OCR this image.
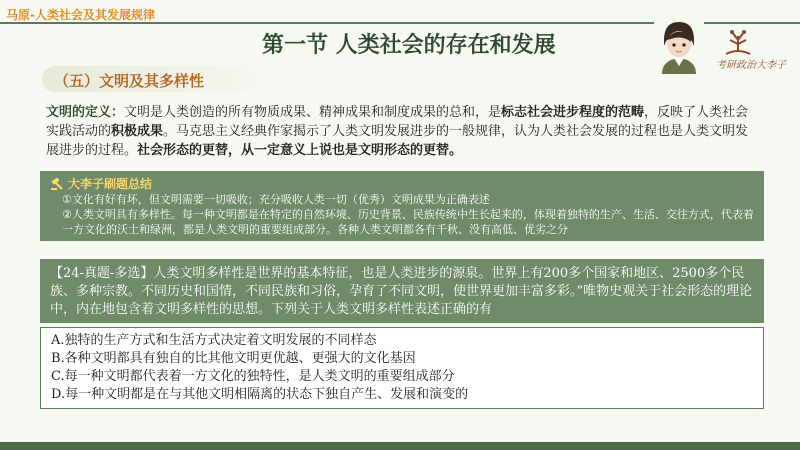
马原-人类社会及其发展规律
第一节 人类社会的存在和发展
考研政治大李子
（五）文明及其多样性
文明的定义：文明是人类创造的所有物质成果、精神成果和制度成果的总和，是标志社会进步程度的范畴，反映了人类社会实践活动的积极成果。马克思主义经典作家揭示了人类文明发展进步的一般规律，认为人类社会发展的过程也是人类文明发展进步的过程。社会形态的更替，从一定意义上说也是文明形态的更替。
大李子刷题总结
①文化有好有坏，但文明需要一切吸收；充分吸收人类一切（优秀）文明成果为正确表述
②人类文明具有多样性。每一种文明都是在特定的自然环境、历史背景、民族传统中生长起来的，体现着独特的生产、生活、交往方式，代表着一方文化的沃土和绿洲，都是人类文明的重要组成部分。各种人类文明都各有千秋、没有高低、优劣之分
【24-真题-多选】人类文明多样性是世界的基本特征，也是人类进步的源泉。世界上有200多个国家和地区、2500多个民族、多种宗教。不同历史和国情，不同民族和习俗，孕育了不同文明，使世界更加丰富多彩。”唯物史观关于社会形态的理论中，内在地包含着文明多样性的思想。下列关于人类文明多样性表述正确的有
A.独特的生产方式和生活方式决定着文明发展的不同样态
B.各种文明都具有独自的比其他文明更优越、更强大的文化基因
C.每一种文明都代表着一方文化的独特性，是人类文明的重要组成部分
D.每一种文明都是在与其他文明相隔离的状态下独自产生、发展和演变的
